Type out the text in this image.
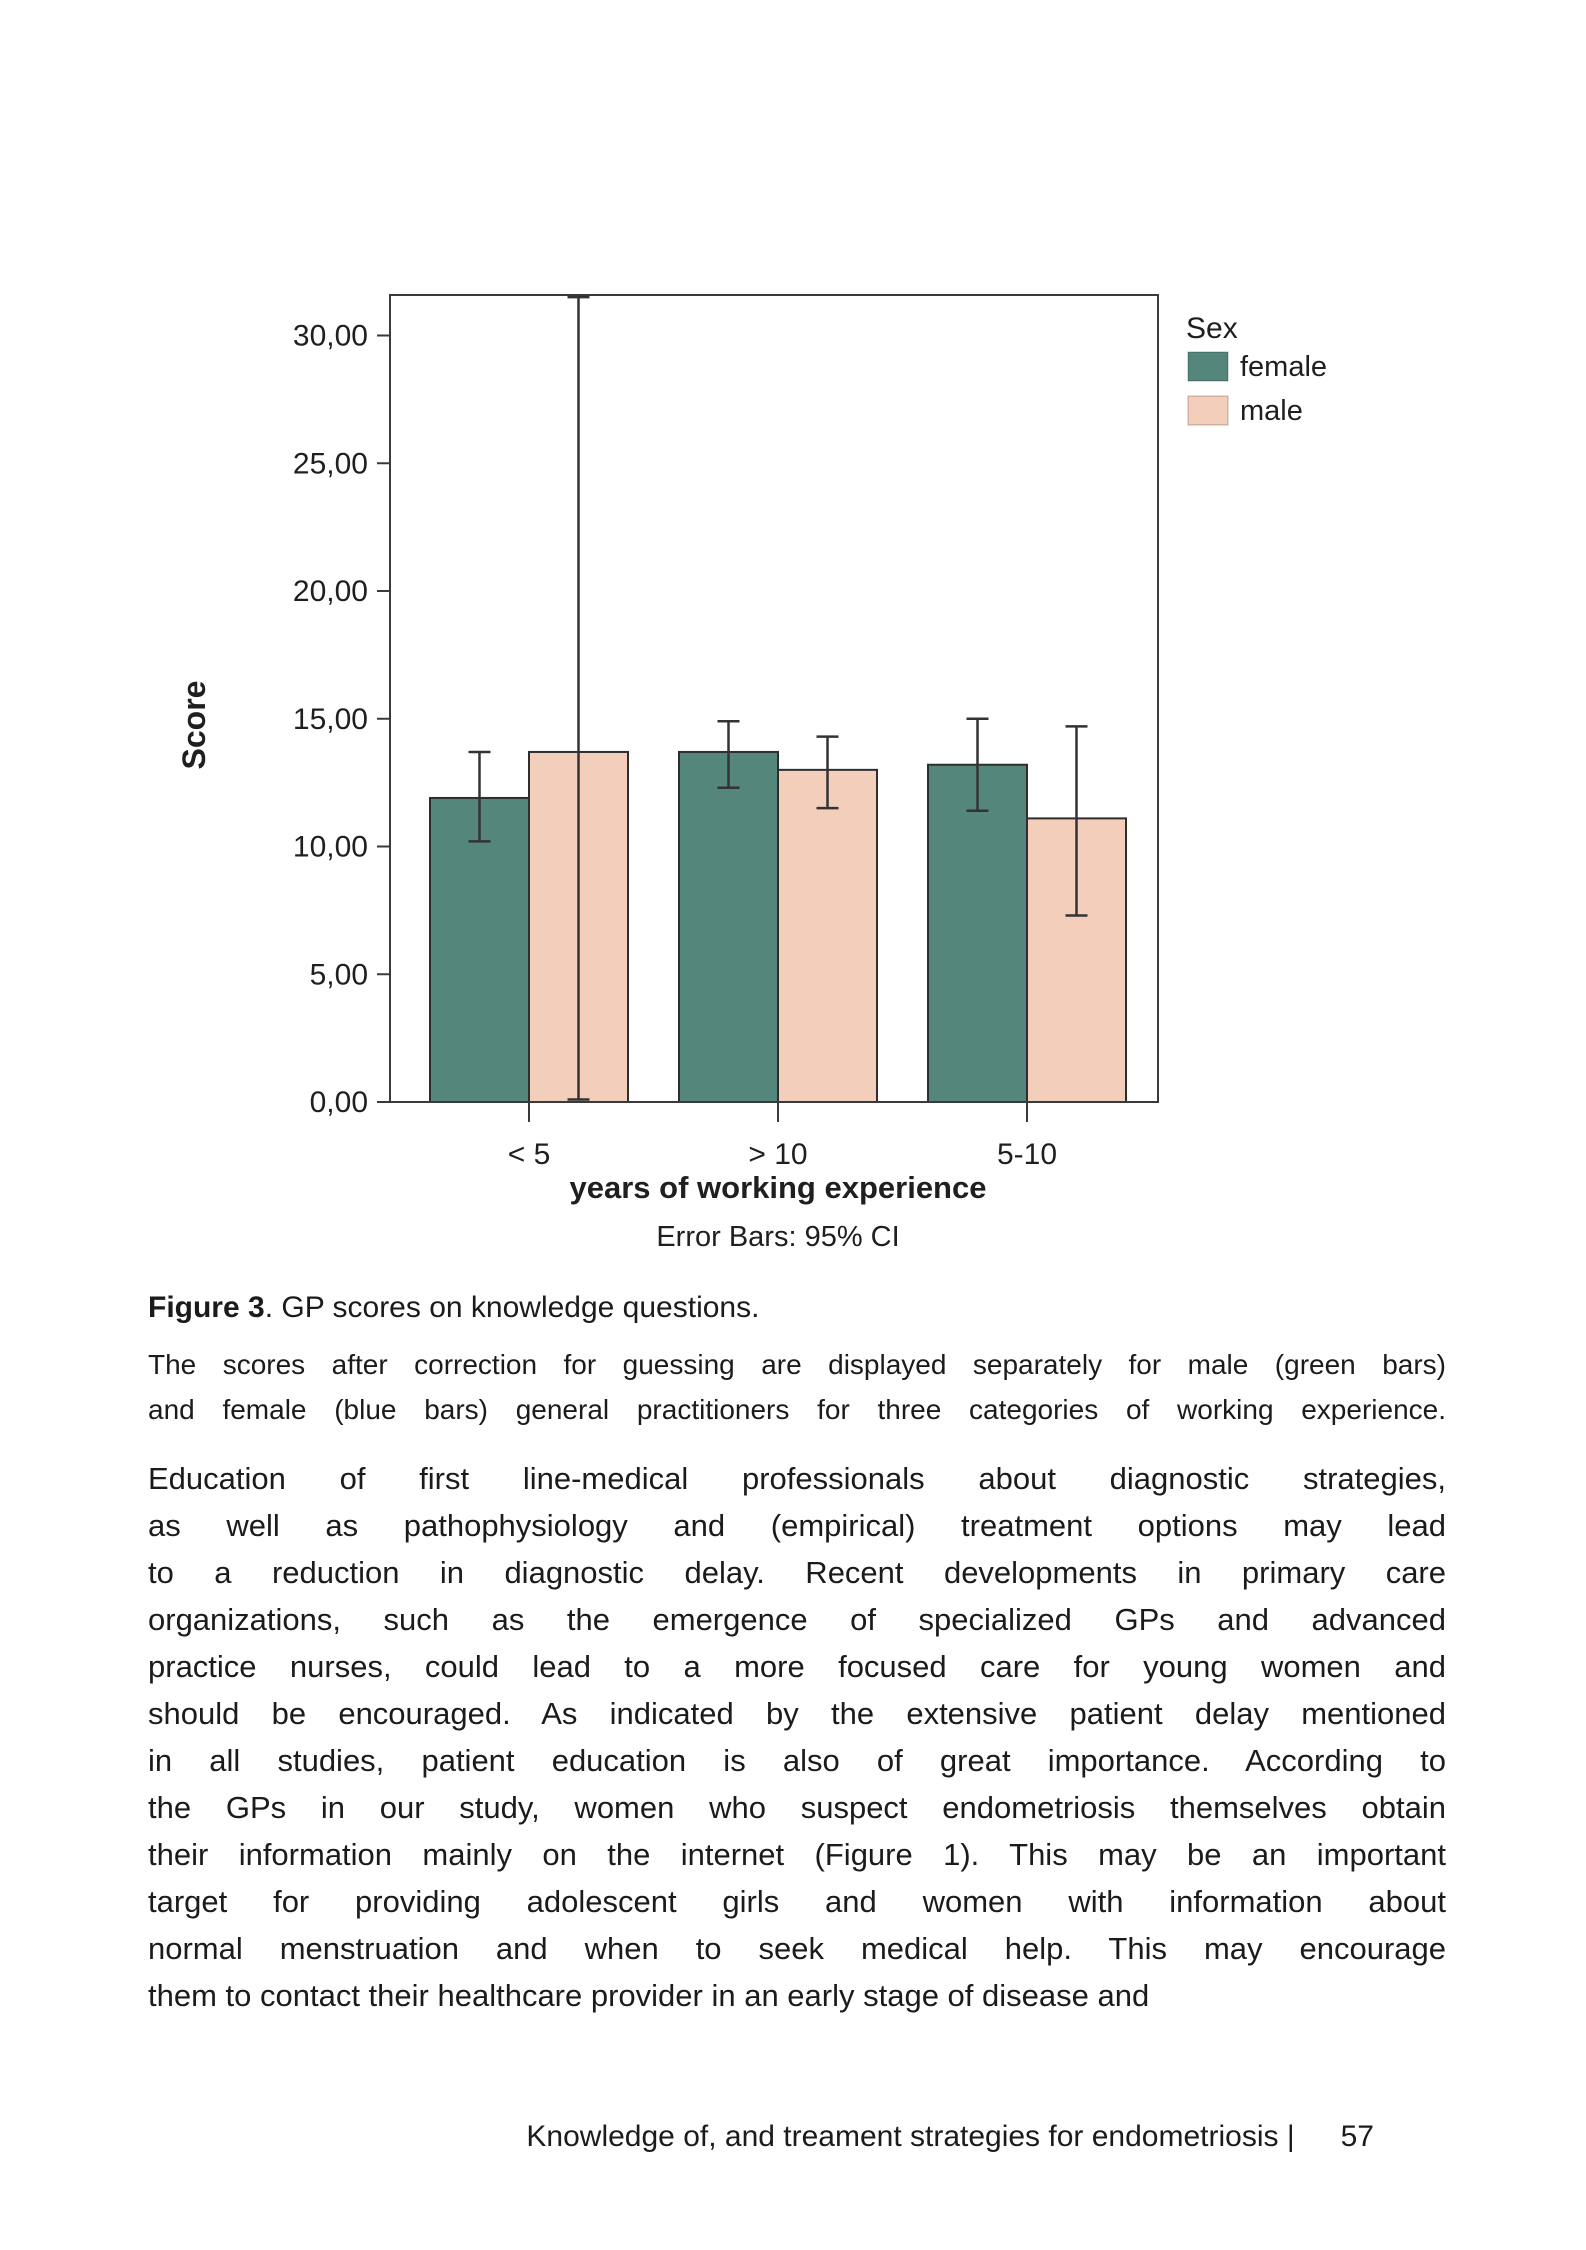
0,00
5,00
10,00
15,00
20,00
25,00
30,00
< 5	> 10	5-10
Score
years of working experience
Error Bars: 95% CI
Sex
female
male
Figure 3. GP scores on knowledge questions.
The scores after correction for guessing are displayed separately for male (green bars)
and female (blue bars) general practitioners for three categories of working experience.
Education of first line-medical professionals about diagnostic strategies,
as well as pathophysiology and (empirical) treatment options may lead
to a reduction in diagnostic delay. Recent developments in primary care
organizations, such as the emergence of specialized GPs and advanced
practice nurses, could lead to a more focused care for young women and
should be encouraged. As indicated by the extensive patient delay mentioned
in all studies, patient education is also of great importance. According to
the GPs in our study, women who suspect endometriosis themselves obtain
their information mainly on the internet (Figure 1). This may be an important
target for providing adolescent girls and women with information about
normal menstruation and when to seek medical help. This may encourage
them to contact their healthcare provider in an early stage of disease and
Knowledge of, and treament strategies for endometriosis | 57
